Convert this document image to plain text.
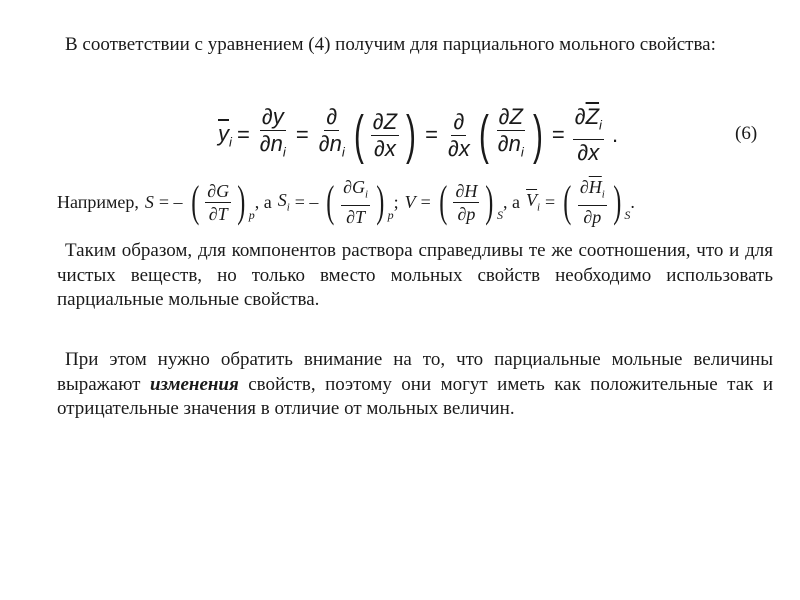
В соответствии с уравнением (4) получим для парциального мольного свойства:
$\overline{y}_i = \frac{\partial y}{\partial n_i} = \frac{\partial}{\partial n_i}$ ( $\frac{\partial Z}{\partial x}$ ) = $\frac{\partial}{\partial x}$ ( $\frac{\partial Z}{\partial n_i}$ ) = $\frac{\partial\overline{Z}_i}{\partial x}$ .	(6)
Например, S = – ( $\frac{\partial G}{\partial T}$ ) p
, а $S_i$ = – ( $\frac{\partial G_i}{\partial T}$ ) p
; V = ( $\frac{\partial H}{\partial p}$ ) S
, а $\overline{V}_i$ = ( $\frac{\partial\overline{H}_i}{\partial p}$ ) S
.
Таким образом, для компонентов раствора справедливы те же соотношения, что и для чистых веществ, но только вместо мольных свойств необходимо использовать парциальные мольные свойства.
При этом нужно обратить внимание на то, что парциальные мольные величины выражают изменения свойств, поэтому они могут иметь как положительные так и отрицательные значения в отличие от мольных величин.
